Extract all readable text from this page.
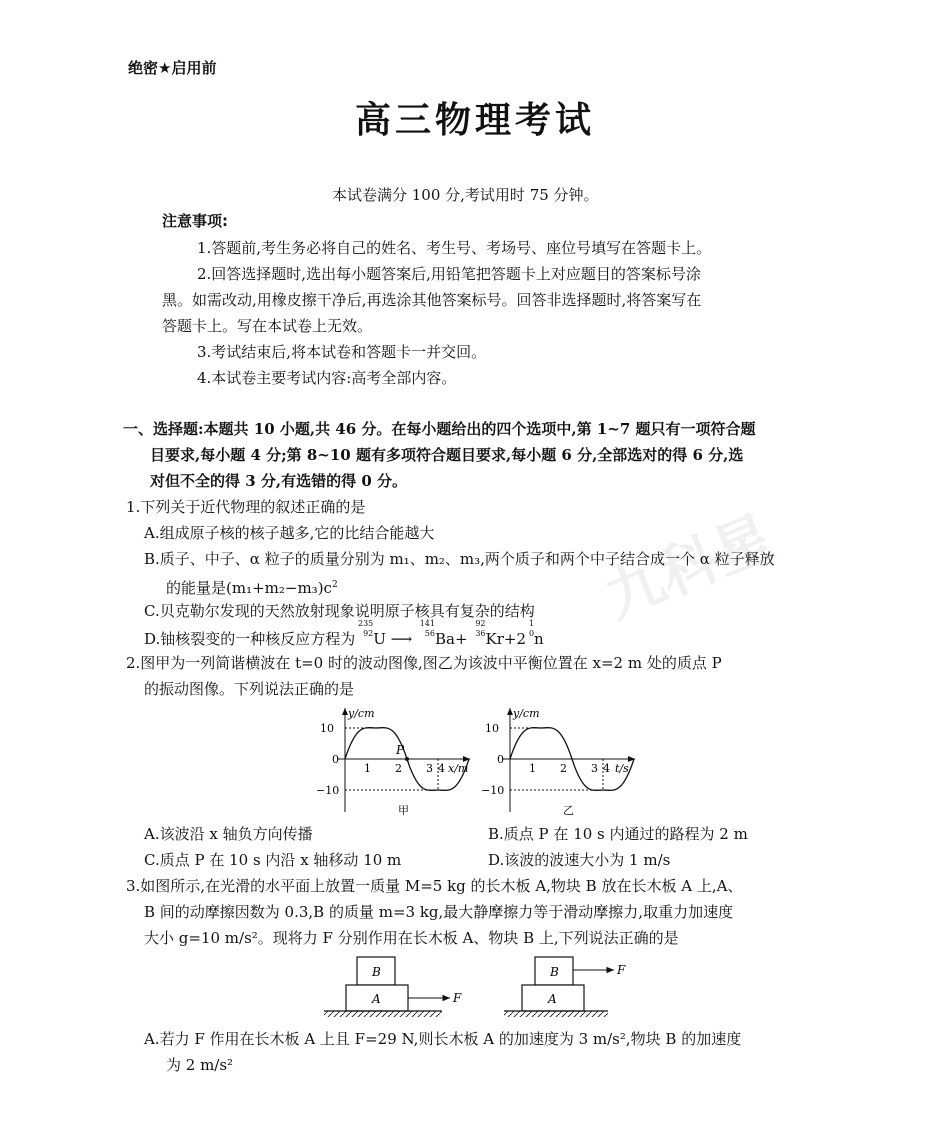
九科星
绝密★启用前
高三物理考试
本试卷满分 100 分,考试用时 75 分钟。
注意事项:
1.答题前,考生务必将自己的姓名、考生号、考场号、座位号填写在答题卡上。
2.回答选择题时,选出每小题答案后,用铅笔把答题卡上对应题目的答案标号涂
黑。如需改动,用橡皮擦干净后,再选涂其他答案标号。回答非选择题时,将答案写在
答题卡上。写在本试卷上无效。
3.考试结束后,将本试卷和答题卡一并交回。
4.本试卷主要考试内容:高考全部内容。
一、选择题:本题共 10 小题,共 46 分。在每小题给出的四个选项中,第 1~7 题只有一项符合题
目要求,每小题 4 分;第 8~10 题有多项符合题目要求,每小题 6 分,全部选对的得 6 分,选
对但不全的得 3 分,有选错的得 0 分。
1.下列关于近代物理的叙述正确的是
A.组成原子核的核子越多,它的比结合能越大
B.质子、中子、α 粒子的质量分别为 m₁、m₂、m₃,两个质子和两个中子结合成一个 α 粒子释放
的能量是$(m_1+m_2-m_3)c^2$
C.贝克勒尔发现的天然放射现象说明原子核具有复杂的结构
D.铀核裂变的一种核反应方程为
235
92 U ⟶
141
56 Ba+
92
36 Kr+2
1
0 n
2.图甲为一列简谐横波在 t=0 时的波动图像,图乙为该波中平衡位置在 x=2 m 处的质点 P
的振动图像。下列说法正确的是
y/cm
10
0
−10
1 2 3 4 x/m
P
甲
y/cm
10
0
−10
1 2 3 4 t/s
乙
A.该波沿 x 轴负方向传播	B.质点 P 在 10 s 内通过的路程为 2 m
C.质点 P 在 10 s 内沿 x 轴移动 10 m	D.该波的波速大小为 1 m/s
3.如图所示,在光滑的水平面上放置一质量 M=5 kg 的长木板 A,物块 B 放在长木板 A 上,A、
B 间的动摩擦因数为 0.3,B 的质量 m=3 kg,最大静摩擦力等于滑动摩擦力,取重力加速度
大小 g=10 m/s²。现将力 F 分别作用在长木板 A、物块 B 上,下列说法正确的是
B
A	F
B
A
F
A.若力 F 作用在长木板 A 上且 F=29 N,则长木板 A 的加速度为 3 m/s²,物块 B 的加速度
为 2 m/s²
